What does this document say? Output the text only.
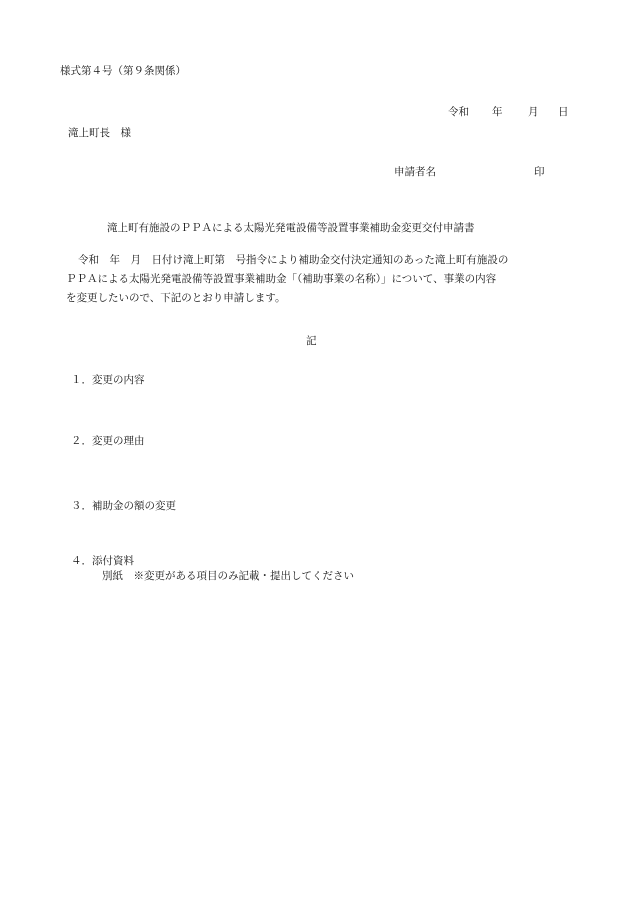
様式第４号（第９条関係）
令和 年 月 日
滝上町長　様
申請者名	印
滝上町有施設のＰＰＡによる太陽光発電設備等設置事業補助金変更交付申請書
令和　年　月　日付け滝上町第　号指令により補助金交付決定通知のあった滝上町有施設の
ＰＰＡによる太陽光発電設備等設置事業補助金「（補助事業の名称）」について、事業の内容
を変更したいので、下記のとおり申請します。
記
１．変更の内容
２．変更の理由
３．補助金の額の変更
４．添付資料
別紙　※変更がある項目のみ記載・提出してください
